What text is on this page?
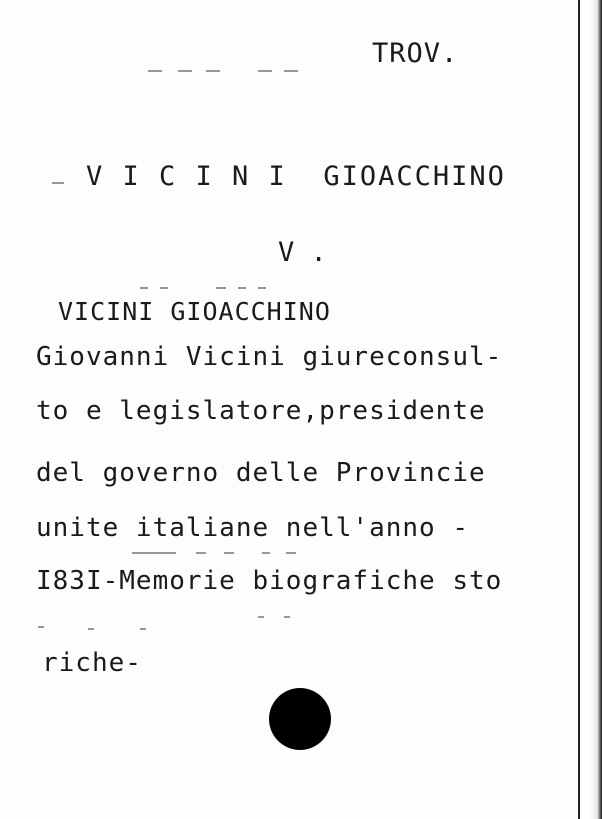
TROV.
V I C I N I  GIOACCHINO
V .
VICINI GIOACCHINO
Giovanni Vicini giureconsul-
to e legislatore,presidente
del governo delle Provincie
unite italiane nell'anno -
I83I-Memorie biografiche sto
riche-
